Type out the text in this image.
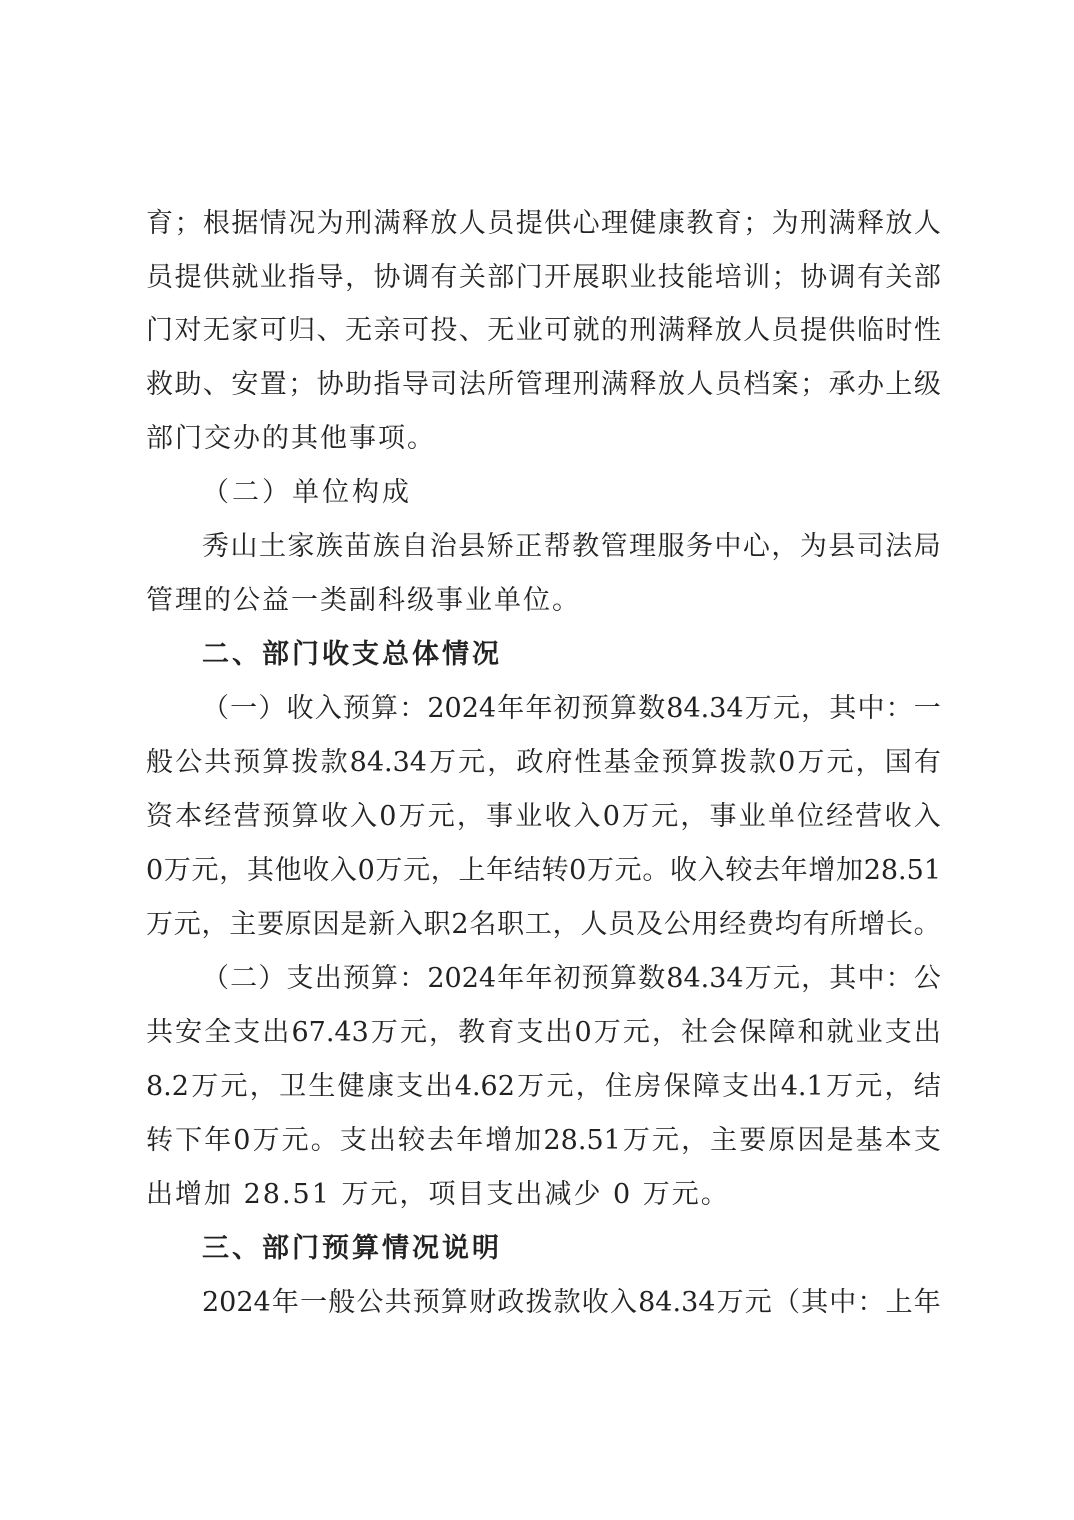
育 ； 根 据 情 况 为 刑 满 释 放 人 员 提 供 心 理 健 康 教 育 ； 为 刑 满 释 放 人
员 提 供 就 业 指 导 ， 协 调 有 关 部 门 开 展 职 业 技 能 培 训 ； 协 调 有 关 部
门 对 无 家 可 归 、 无 亲 可 投 、 无 业 可 就 的 刑 满 释 放 人 员 提 供 临 时 性
救 助 、 安 置 ； 协 助 指 导 司 法 所 管 理 刑 满 释 放 人 员 档 案 ； 承 办 上 级
部门交办的其他事项。
（二）单位构成
秀 山 土 家 族 苗 族 自 治 县 矫 正 帮 教 管 理 服 务 中 心 ， 为 县 司 法 局
管理的公益一类副科级事业单位。
二、部门收支总体情况
（ 一 ） 收 入 预 算 ： 2024 年 年 初 预 算 数 84.34 万 元 ， 其 中 ： 一
般 公 共 预 算 拨 款 84.34 万 元 ， 政 府 性 基 金 预 算 拨 款 0 万 元 ， 国 有
资 本 经 营 预 算 收 入 0 万 元 ， 事 业 收 入 0 万 元 ， 事 业 单 位 经 营 收 入
0 万 元 ， 其 他 收 入 0 万 元 ， 上 年 结 转 0 万 元 。 收 入 较 去 年 增 加 28.51
万 元 ， 主 要 原 因 是 新 入 职 2 名 职 工 ， 人 员 及 公 用 经 费 均 有 所 增 长 。
（ 二 ） 支 出 预 算 ： 2024 年 年 初 预 算 数 84.34 万 元 ， 其 中 ： 公
共 安 全 支 出 67.43 万 元 ， 教 育 支 出 0 万 元 ， 社 会 保 障 和 就 业 支 出
8.2 万 元 ， 卫 生 健 康 支 出 4.62 万 元 ， 住 房 保 障 支 出 4.1 万 元 ， 结
转 下 年 0 万 元 。 支 出 较 去 年 增 加 28.51 万 元 ， 主 要 原 因 是 基 本 支
出增加 28.51 万元，项目支出减少 0 万元。
三、部门预算情况说明
2024 年 一 般 公 共 预 算 财 政 拨 款 收 入 84.34 万 元 （ 其 中 ： 上 年
